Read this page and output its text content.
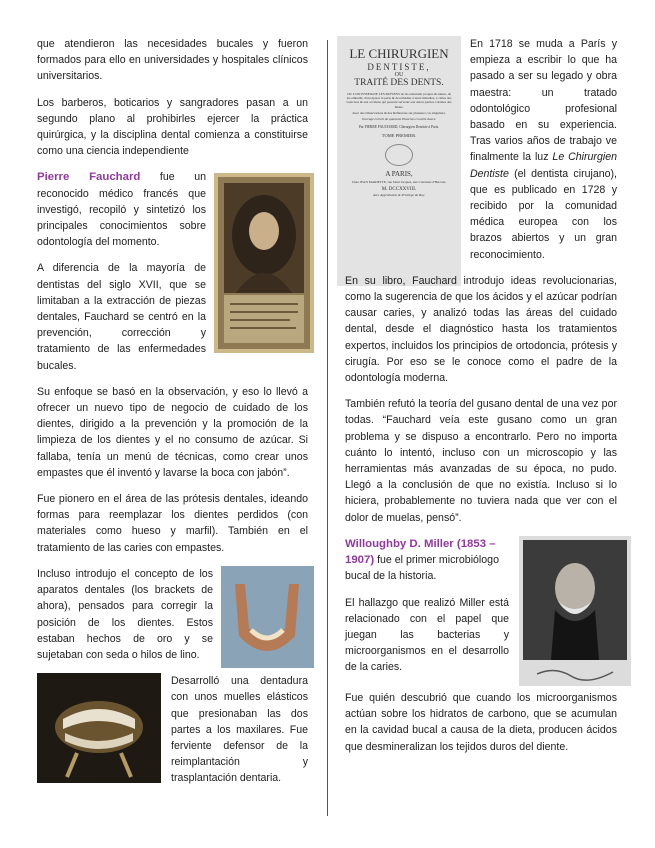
que atendieron las necesidades bucales y fueron formados para ello en universidades y hospitales clínicos universitarios.

Los barberos, boticarios y sangradores pasan a un segundo plano al prohibirles ejercer la práctica quirúrgica, y la disciplina dental comienza a constituirse como una ciencia independiente

Pierre Fauchard fue un reconocido médico francés que investigó, recopiló y sintetizó los principales conocimientos sobre odontología del momento.

A diferencia de la mayoría de dentistas del siglo XVII, que se limitaban a la extracción de piezas dentales, Fauchard se centró en la prevención, corrección y tratamiento de las enfermedades bucales.

Su enfoque se basó en la observación, y eso lo llevó a ofrecer un nuevo tipo de negocio de cuidado de los dientes, dirigido a la prevención y la promoción de la limpieza de los dientes y el no consumo de azúcar. Si fallaba, tenía un menú de técnicas, como crear unos empastes que él inventó y lavarse la boca con jabón”.

Fue pionero en el área de las prótesis dentales, ideando formas para reemplazar los dientes perdidos (con materiales como hueso y marfil). También en el tratamiento de las caries con empastes.

Incluso introdujo el concepto de los aparatos dentales (los brackets de ahora), pensados para corregir la posición de los dientes. Estos estaban hechos de oro y se sujetaban con seda o hilos de lino.

Desarrolló una dentadura con unos muelles elásticos que presionaban las dos partes a los maxilares. Fue ferviente defensor de la reimplantación y trasplantación dentaria.

LE CHIRURGIEN
DENTISTE,
OU
TRAITÉ DES DENTS.
OU L'ON ENSEIGNE LES MOYENS de les entretenir propres & saines, de les embellir, d'en réparer la perte & de remédier à leurs maladies, à celles des Gencives & aux accidens qui peuvent survenir aux autres parties voisines des Dents.
Avec des Observations & des Réflexions sur plusieurs cas singuliers.
Ouvrage enrichi de quarante Planches en taille douce.
Par PIERRE FAUCHARD, Chirurgien Dentiste à Paris.
TOME PREMIER.
A PARIS,
Chez JEAN MARIETTE, rue Saint Jacques, aux Colonnes d'Hercule.
M. DCCXXVIII.
Avec Approbation & Privilege du Roy.

En 1718 se muda a París y empieza a escribir lo que ha pasado a ser su legado y obra maestra: un tratado odontológico profesional basado en su experiencia. Tras varios años de trabajo ve finalmente la luz Le Chirurgien Dentiste (el dentista cirujano), que es publicado en 1728 y recibido por la comunidad médica europea con los brazos abiertos y un gran reconocimiento.

En su libro, Fauchard introdujo ideas revolucionarias, como la sugerencia de que los ácidos y el azúcar podrían causar caries, y analizó todas las áreas del cuidado dental, desde el diagnóstico hasta los tratamientos expertos, incluidos los principios de ortodoncia, prótesis y cirugía. Por eso se le conoce como el padre de la odontología moderna.

También refutó la teoría del gusano dental de una vez por todas. “Fauchard veía este gusano como un gran problema y se dispuso a encontrarlo. Pero no importa cuánto lo intentó, incluso con un microscopio y las herramientas más avanzadas de su época, no pudo. Llegó a la conclusión de que no existía. Incluso si lo hiciera, probablemente no tuviera nada que ver con el dolor de muelas, pensó”.

Willoughby D. Miller (1853 – 1907) fue el primer microbiólogo bucal de la historia.

El hallazgo que realizó Miller está relacionado con el papel que juegan las bacterias y microorganismos en el desarrollo de la caries.

Fue quién descubrió que cuando los microorganismos actúan sobre los hidratos de carbono, que se acumulan en la cavidad bucal a causa de la dieta, producen ácidos que desmineralizan los tejidos duros del diente.
